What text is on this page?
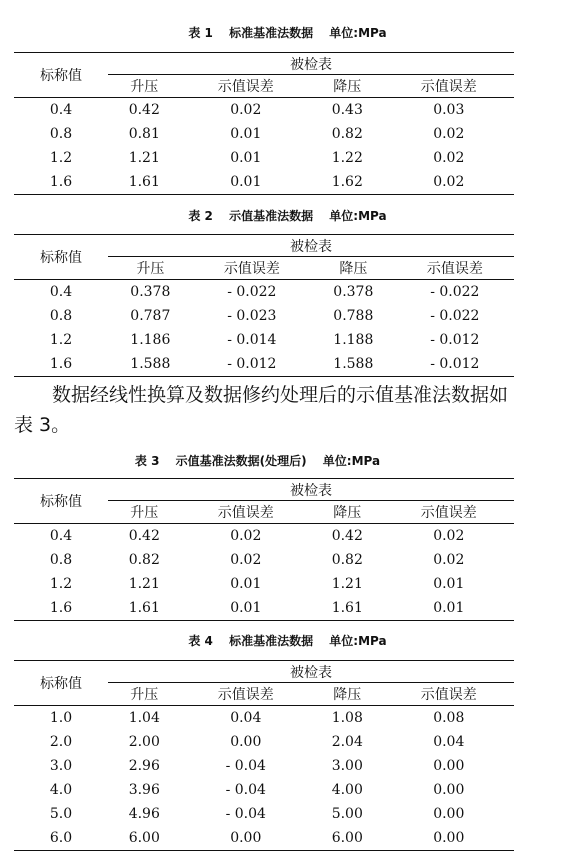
表 1 标准基准法数据 单位:MPa
标称值	被检表			
	升压	示值误差	降压	示值误差
0.4	0.42	0.02	0.43	0.03
0.8	0.81	0.01	0.82	0.02
1.2	1.21	0.01	1.22	0.02
1.6	1.61	0.01	1.62	0.02
表 2 示值基准法数据 单位:MPa
标称值	被检表			
	升压	示值误差	降压	示值误差
0.4	0.378	- 0.022	0.378	- 0.022
0.8	0.787	- 0.023	0.788	- 0.022
1.2	1.186	- 0.014	1.188	- 0.012
1.6	1.588	- 0.012	1.588	- 0.012
数据经线性换算及数据修约处理后的示值基准法数据如表 3。
表 3 示值基准法数据(处理后) 单位:MPa
标称值	被检表			
	升压	示值误差	降压	示值误差
0.4	0.42	0.02	0.42	0.02
0.8	0.82	0.02	0.82	0.02
1.2	1.21	0.01	1.21	0.01
1.6	1.61	0.01	1.61	0.01
表 4 标准基准法数据 单位:MPa
标称值	被检表			
	升压	示值误差	降压	示值误差
1.0	1.04	0.04	1.08	0.08
2.0	2.00	0.00	2.04	0.04
3.0	2.96	- 0.04	3.00	0.00
4.0	3.96	- 0.04	4.00	0.00
5.0	4.96	- 0.04	5.00	0.00
6.0	6.00	0.00	6.00	0.00
